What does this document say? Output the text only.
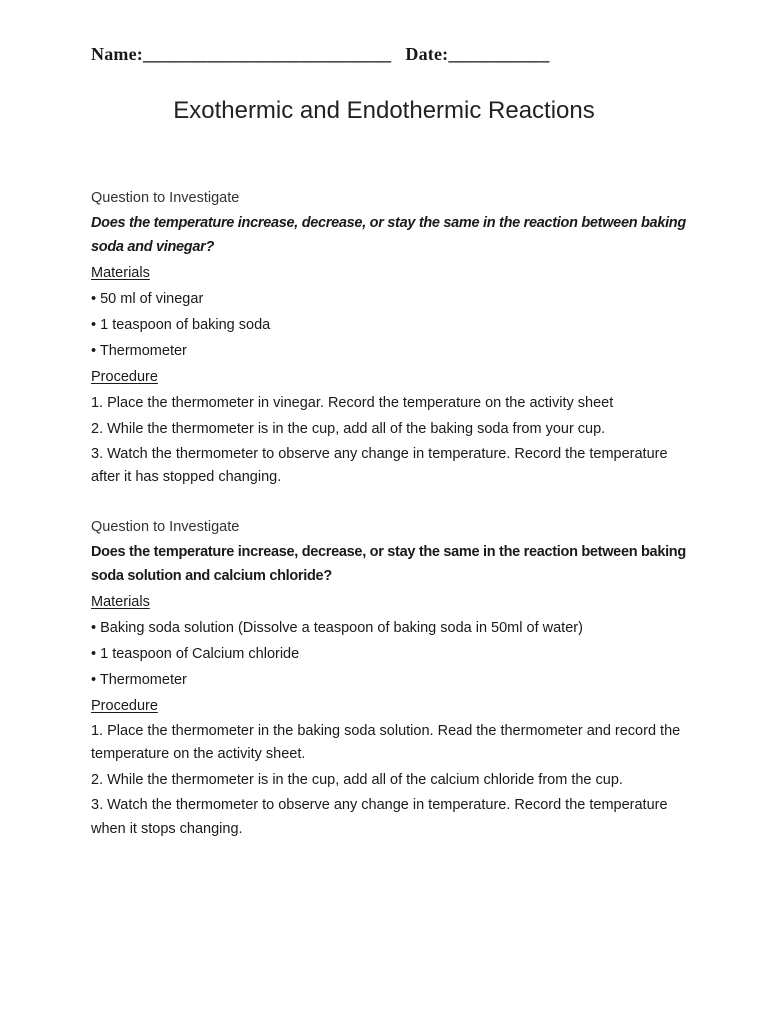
Name:___________________________ Date:___________
Exothermic and Endothermic Reactions

Question to Investigate

Does the temperature increase, decrease, or stay the same in the reaction between baking soda and vinegar?

Materials

• 50 ml of vinegar

• 1 teaspoon of baking soda

• Thermometer

Procedure

1. Place the thermometer in vinegar. Record the temperature on the activity sheet

2. While the thermometer is in the cup, add all of the baking soda from your cup.

3. Watch the thermometer to observe any change in temperature. Record the temperature after it has stopped changing.

Question to Investigate

Does the temperature increase, decrease, or stay the same in the reaction between baking soda solution and calcium chloride?

Materials

• Baking soda solution (Dissolve a teaspoon of baking soda in 50ml of water)

• 1 teaspoon of Calcium chloride

• Thermometer

Procedure

1. Place the thermometer in the baking soda solution. Read the thermometer and record the temperature on the activity sheet.

2. While the thermometer is in the cup, add all of the calcium chloride from the cup.

3. Watch the thermometer to observe any change in temperature. Record the temperature when it stops changing.
